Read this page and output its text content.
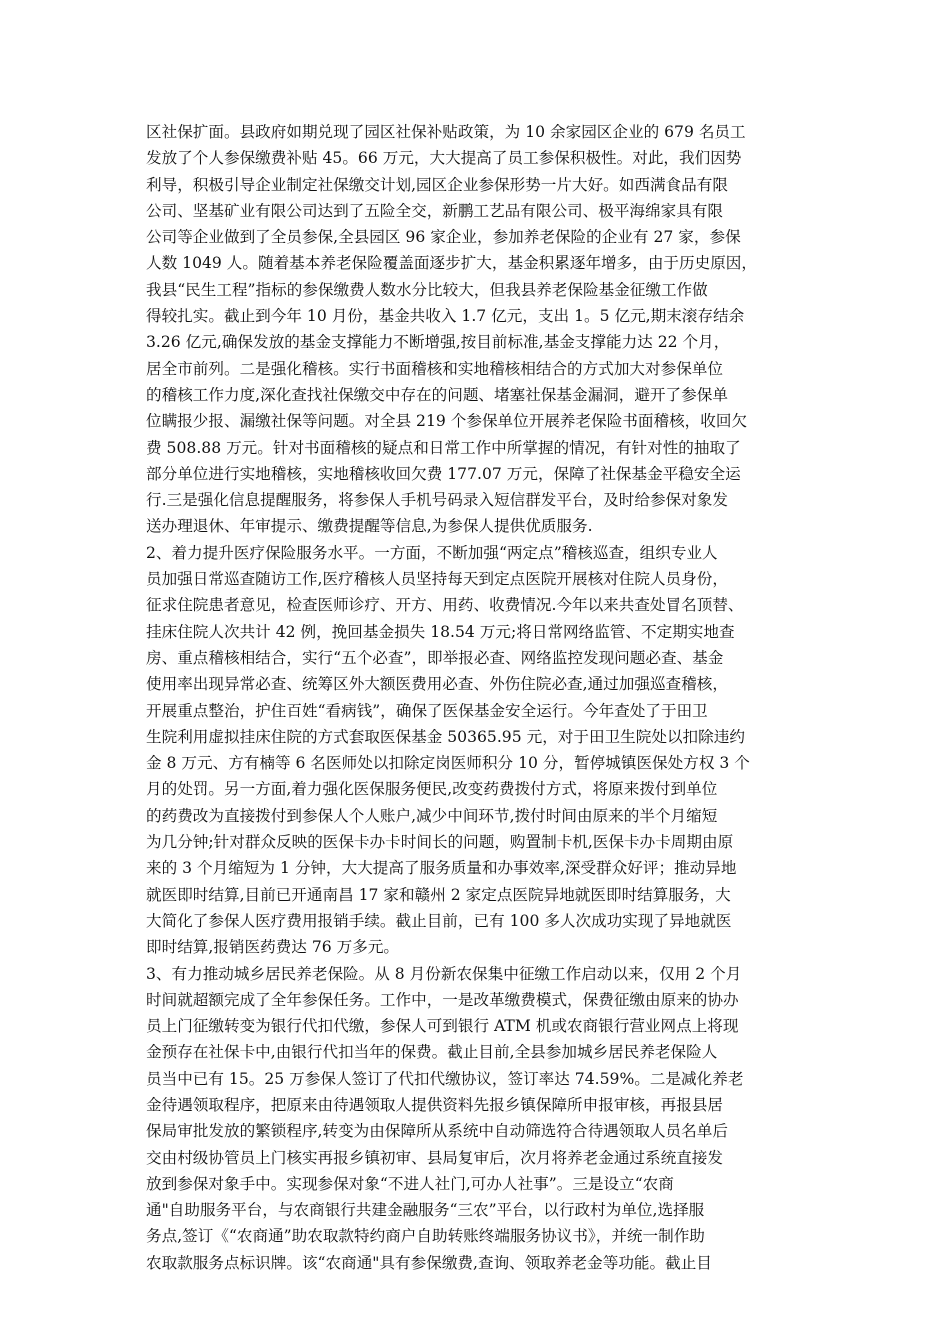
区社保扩面。县政府如期兑现了园区社保补贴政策，为 10 余家园区企业的 679 名员工
发放了个人参保缴费补贴 45。66 万元，大大提高了员工参保积极性。对此，我们因势
利导，积极引导企业制定社保缴交计划,园区企业参保形势一片大好。如西满食品有限
公司、坚基矿业有限公司达到了五险全交，新鹏工艺品有限公司、极平海绵家具有限
公司等企业做到了全员参保,全县园区 96 家企业，参加养老保险的企业有 27 家，参保
人数 1049 人。随着基本养老保险覆盖面逐步扩大，基金积累逐年增多，由于历史原因，
我县“民生工程”指标的参保缴费人数水分比较大，但我县养老保险基金征缴工作做
得较扎实。截止到今年 10 月份，基金共收入 1.7 亿元，支出 1。5 亿元,期末滚存结余
3.26 亿元,确保发放的基金支撑能力不断增强,按目前标准,基金支撑能力达 22 个月，
居全市前列。二是强化稽核。实行书面稽核和实地稽核相结合的方式加大对参保单位
的稽核工作力度,深化查找社保缴交中存在的问题、堵塞社保基金漏洞，避开了参保单
位瞒报少报、漏缴社保等问题。对全县 219 个参保单位开展养老保险书面稽核，收回欠
费 508.88 万元。针对书面稽核的疑点和日常工作中所掌握的情况，有针对性的抽取了
部分单位进行实地稽核，实地稽核收回欠费 177.07 万元，保障了社保基金平稳安全运
行.三是强化信息提醒服务，将参保人手机号码录入短信群发平台，及时给参保对象发
送办理退休、年审提示、缴费提醒等信息,为参保人提供优质服务.
2、着力提升医疗保险服务水平。一方面，不断加强“两定点”稽核巡查，组织专业人
员加强日常巡查随访工作,医疗稽核人员坚持每天到定点医院开展核对住院人员身份，
征求住院患者意见，检查医师诊疗、开方、用药、收费情况.今年以来共查处冒名顶替、
挂床住院人次共计 42 例，挽回基金损失 18.54 万元;将日常网络监管、不定期实地查
房、重点稽核相结合，实行“五个必查”，即举报必查、网络监控发现问题必查、基金
使用率出现异常必查、统筹区外大额医费用必查、外伤住院必查,通过加强巡查稽核，
开展重点整治，护住百姓“看病钱”，确保了医保基金安全运行。今年查处了于田卫
生院利用虚拟挂床住院的方式套取医保基金 50365.95 元，对于田卫生院处以扣除违约
金 8 万元、方有楠等 6 名医师处以扣除定岗医师积分 10 分，暂停城镇医保处方权 3 个
月的处罚。另一方面,着力强化医保服务便民,改变药费拨付方式，将原来拨付到单位
的药费改为直接拨付到参保人个人账户,减少中间环节,拨付时间由原来的半个月缩短
为几分钟;针对群众反映的医保卡办卡时间长的问题，购置制卡机,医保卡办卡周期由原
来的 3 个月缩短为 1 分钟，大大提高了服务质量和办事效率,深受群众好评；推动异地
就医即时结算,目前已开通南昌 17 家和赣州 2 家定点医院异地就医即时结算服务，大
大简化了参保人医疗费用报销手续。截止目前，已有 100 多人次成功实现了异地就医
即时结算,报销医药费达 76 万多元。
3、有力推动城乡居民养老保险。从 8 月份新农保集中征缴工作启动以来，仅用 2 个月
时间就超额完成了全年参保任务。工作中，一是改革缴费模式，保费征缴由原来的协办
员上门征缴转变为银行代扣代缴，参保人可到银行 ATM 机或农商银行营业网点上将现
金预存在社保卡中,由银行代扣当年的保费。截止目前,全县参加城乡居民养老保险人
员当中已有 15。25 万参保人签订了代扣代缴协议，签订率达 74.59%。二是减化养老
金待遇领取程序，把原来由待遇领取人提供资料先报乡镇保障所申报审核，再报县居
保局审批发放的繁锁程序,转变为由保障所从系统中自动筛选符合待遇领取人员名单后
交由村级协管员上门核实再报乡镇初审、县局复审后，次月将养老金通过系统直接发
放到参保对象手中。实现参保对象“不进人社门,可办人社事”。三是设立“农商
通"自助服务平台，与农商银行共建金融服务“三农”平台，以行政村为单位,选择服
务点,签订《“农商通”助农取款特约商户自助转账终端服务协议书》，并统一制作助
农取款服务点标识牌。该“农商通"具有参保缴费,查询、领取养老金等功能。截止目
